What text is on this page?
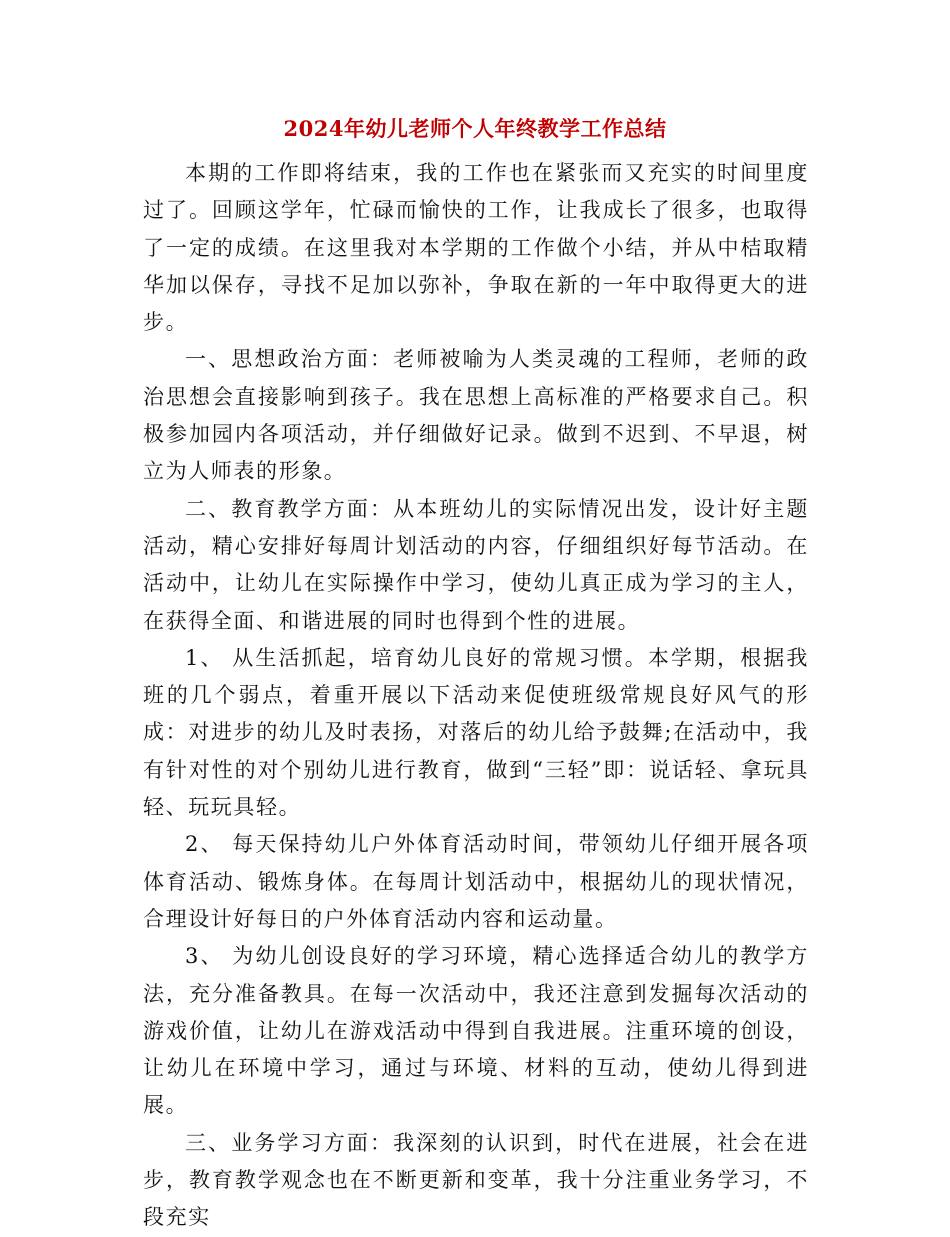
2024年幼儿老师个人年终教学工作总结

本期的工作即将结束，我的工作也在紧张而又充实的时间里度过了。回顾这学年，忙碌而愉快的工作，让我成长了很多，也取得了一定的成绩。在这里我对本学期的工作做个小结，并从中桔取精华加以保存，寻找不足加以弥补，争取在新的一年中取得更大的进步。

一、思想政治方面：老师被喻为人类灵魂的工程师，老师的政治思想会直接影响到孩子。我在思想上高标准的严格要求自己。积极参加园内各项活动，并仔细做好记录。做到不迟到、不早退，树立为人师表的形象。

二、教育教学方面：从本班幼儿的实际情况出发，设计好主题活动，精心安排好每周计划活动的内容，仔细组织好每节活动。在活动中，让幼儿在实际操作中学习，使幼儿真正成为学习的主人，在获得全面、和谐进展的同时也得到个性的进展。

1、 从生活抓起，培育幼儿良好的常规习惯。本学期，根据我班的几个弱点，着重开展以下活动来促使班级常规良好风气的形成：对进步的幼儿及时表扬，对落后的幼儿给予鼓舞;在活动中，我有针对性的对个别幼儿进行教育，做到“三轻”即：说话轻、拿玩具轻、玩玩具轻。

2、 每天保持幼儿户外体育活动时间，带领幼儿仔细开展各项体育活动、锻炼身体。在每周计划活动中，根据幼儿的现状情况，合理设计好每日的户外体育活动内容和运动量。

3、 为幼儿创设良好的学习环境，精心选择适合幼儿的教学方法，充分准备教具。在每一次活动中，我还注意到发掘每次活动的游戏价值，让幼儿在游戏活动中得到自我进展。注重环境的创设，让幼儿在环境中学习，通过与环境、材料的互动，使幼儿得到进展。

三、业务学习方面：我深刻的认识到，时代在进展，社会在进步，教育教学观念也在不断更新和变革，我十分注重业务学习，不段充实
